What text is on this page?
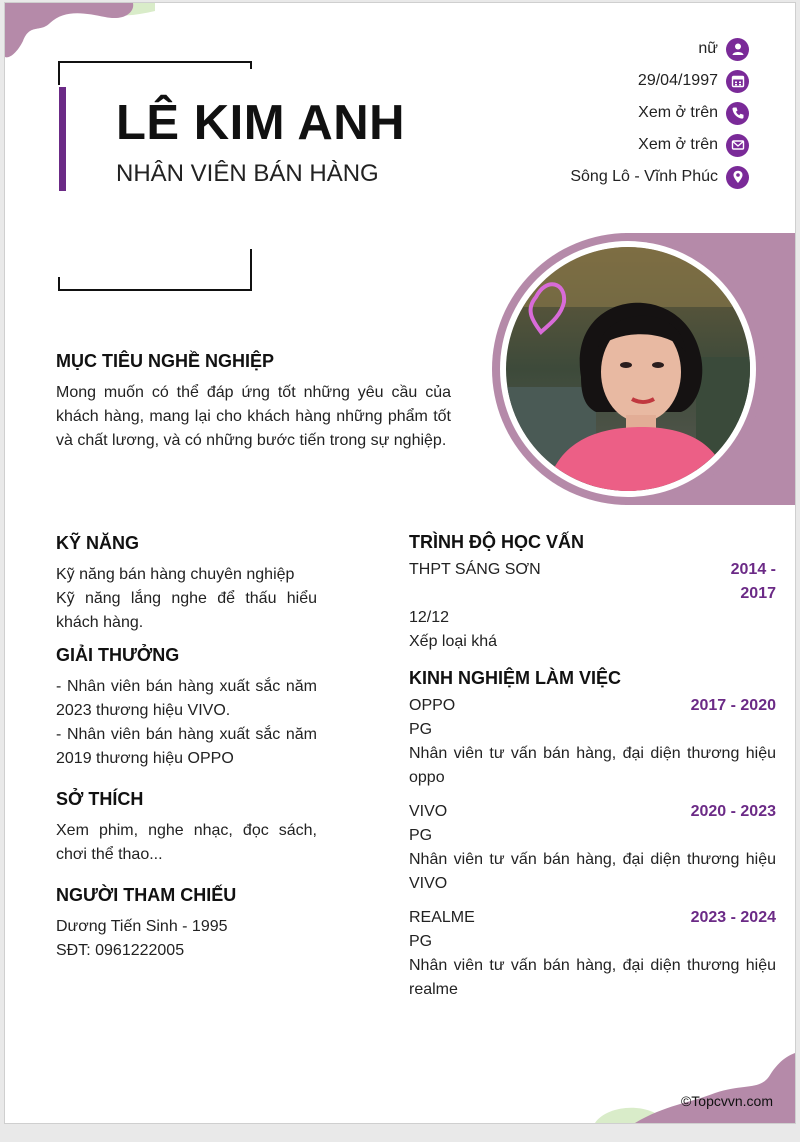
LÊ KIM ANH
NHÂN VIÊN BÁN HÀNG
nữ
29/04/1997
Xem ở trên
Xem ở trên
Sông Lô - Vĩnh Phúc
MỤC TIÊU NGHỀ NGHIỆP

Mong muốn có thể đáp ứng tốt những yêu cầu của khách hàng, mang lại cho khách hàng những phẩm tốt và chất lương, và có những bước tiến trong sự nghiệp.

KỸ NĂNG

Kỹ năng bán hàng chuyên nghiệp

Kỹ năng lắng nghe để thấu hiểu khách hàng.

GIẢI THƯỞNG

- Nhân viên bán hàng xuất sắc năm 2023 thương hiệu VIVO.

- Nhân viên bán hàng xuất sắc năm 2019 thương hiệu OPPO

SỞ THÍCH

Xem phim, nghe nhạc, đọc sách, chơi thể thao...

NGƯỜI THAM CHIẾU

Dương Tiến Sinh - 1995

SĐT: 0961222005

TRÌNH ĐỘ HỌC VẤN
THPT SÁNG SƠN	2014 - 2017

12/12

Xếp loại khá

KINH NGHIỆM LÀM VIỆC
OPPO	2017 - 2020

PG

Nhân viên tư vấn bán hàng, đại diện thương hiệu oppo

VIVO	2020 - 2023

PG

Nhân viên tư vấn bán hàng, đại diện thương hiệu VIVO

REALME	2023 - 2024

PG

Nhân viên tư vấn bán hàng, đại diện thương hiệu realme

©Topcvvn.com
